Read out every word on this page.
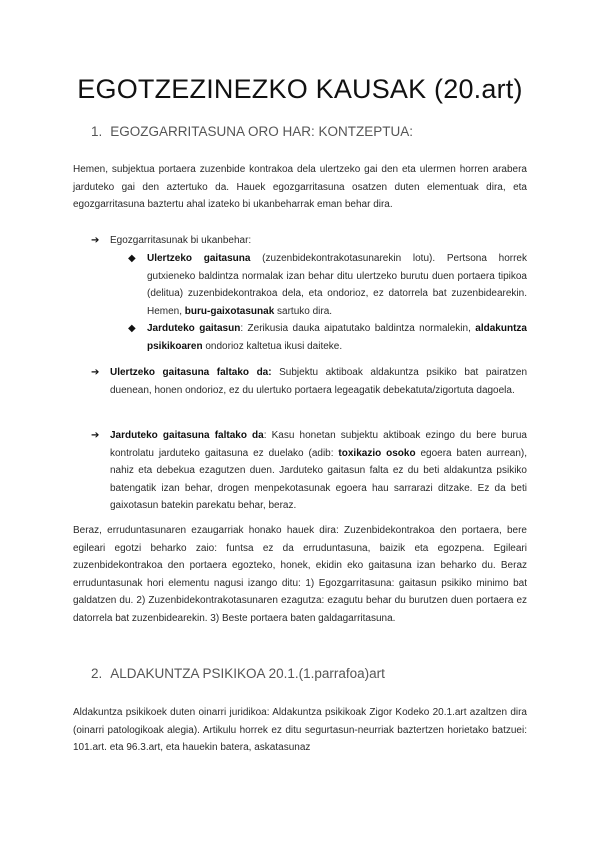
EGOTZEZINEZKO KAUSAK (20.art)
1. EGOZGARRITASUNA ORO HAR: KONTZEPTUA:
Hemen, subjektua portaera zuzenbide kontrakoa dela ulertzeko gai den eta ulermen horren arabera jarduteko gai den aztertuko da. Hauek egozgarritasuna osatzen duten elementuak dira, eta egozgarritasuna baztertu ahal izateko bi ukanbeharrak eman behar dira.
➔ Egozgarritasunak bi ukanbehar:
◆ Ulertzeko gaitasuna (zuzenbidekontrakotasunarekin lotu). Pertsona horrek gutxieneko baldintza normalak izan behar ditu ulertzeko burutu duen portaera tipikoa (delitua) zuzenbidekontrakoa dela, eta ondorioz, ez datorrela bat zuzenbidearekin. Hemen, buru-gaixotasunak sartuko dira.
◆ Jarduteko gaitasun: Zerikusia dauka aipatutako baldintza normalekin, aldakuntza psikikoaren ondorioz kaltetua ikusi daiteke.
➔ Ulertzeko gaitasuna faltako da: Subjektu aktiboak aldakuntza psikiko bat pairatzen duenean, honen ondorioz, ez du ulertuko portaera legeagatik debekatuta/zigortuta dagoela.
➔ Jarduteko gaitasuna faltako da: Kasu honetan subjektu aktiboak ezingo du bere burua kontrolatu jarduteko gaitasuna ez duelako (adib: toxikazio osoko egoera baten aurrean), nahiz eta debekua ezagutzen duen. Jarduteko gaitasun falta ez du beti aldakuntza psikiko batengatik izan behar, drogen menpekotasunak egoera hau sarrarazi ditzake. Ez da beti gaixotasun batekin parekatu behar, beraz.
Beraz, erruduntasunaren ezaugarriak honako hauek dira: Zuzenbidekontrakoa den portaera, bere egileari egotzi beharko zaio: funtsa ez da erruduntasuna, baizik eta egozpena. Egileari zuzenbidekontrakoa den portaera egozteko, honek, ekidin eko gaitasuna izan beharko du. Beraz erruduntasunak hori elementu nagusi izango ditu: 1) Egozgarritasuna: gaitasun psikiko minimo bat galdatzen du. 2) Zuzenbidekontrakotasunaren ezagutza: ezagutu behar du burutzen duen portaera ez datorrela bat zuzenbidearekin. 3) Beste portaera baten galdagarritasuna.
2. ALDAKUNTZA PSIKIKOA 20.1.(1.parrafoa)art
Aldakuntza psikikoek duten oinarri juridikoa: Aldakuntza psikikoak Zigor Kodeko 20.1.art azaltzen dira (oinarri patologikoak alegia). Artikulu horrek ez ditu segurtasun-neurriak baztertzen horietako batzuei: 101.art. eta 96.3.art, eta hauekin batera, askatasunaz
